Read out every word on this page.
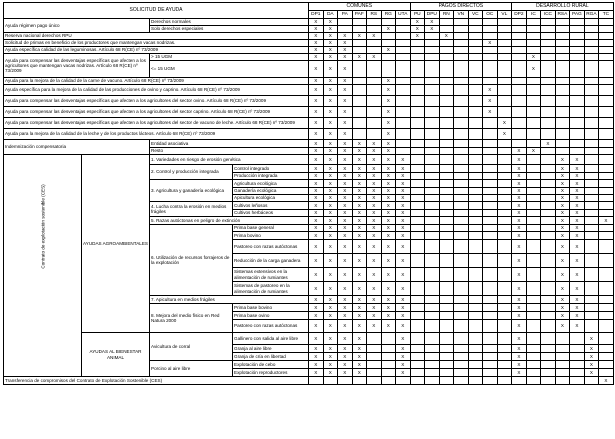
SOLICITUD DE AYUDA				COMUNES							PAGOS DIRECTOS							DESARROLLO RURAL						
				DP1	DA	PA	PAF	RS	RG	UTA	PU	DPU	RN	VN	VC	OC	VL	DP2	IC	ICC	RSA	PAG	RGA	TC
Ayuda régimen pago único		Derechos normales		X	X						X	X												
		Solo derechos especiales		X	X				X		X	X												
Reserva nacional derechos RPU				X	X	X	X	X			X		X											
Solicitud de primas en beneficio de los productores que mantengan vacas nodrizas.				X	X	X										X								
Ayuda específica calidad de las leguminosas. Artículo 68 R(CE) nº 73/2009				X	X	X			X															
Ayuda para compensar las desventajas específicas que afecten a los agricultores que mantengan vacas nodrizas. Artículo 68 R(CE) nº 73/2009		> 15 UGM		X	X	X	X	X											X					
		<= 15 UGM		X	X	X													X					
Ayuda para la mejora de la calidad de la carne de vacuno. Artículo 68 R(CE) nº 73/2009				X	X	X			X															
Ayuda específica para la mejora de la calidad de las producciones de ovino y caprino. Artículo 68 R(CE) nº 73/2009				X	X	X			X							X								
Ayuda para compensar las desventajas específicas que afecten a los agricultores del sector ovino. Artículo 68 R(CE) nº 73/2009				X	X	X			X							X								
Ayuda para compensar las desventajas específicas que afecten a los agricultores del sector caprino. Artículo 68 R(CE) nº 73/2009				X	X	X			X							X								
Ayuda para compensar las desventajas específicas que afecten a los agricultores del sector de vacuno de leche. Artículo 68 R(CE) nº 73/2009				X	X	X			X								X							
Ayuda para la mejora de la calidad de la leche y de los productos lácteos. Artículo 68 R(CE) nº 73/2009				X	X	X			X								X							
Indemnización compensatoria		Entidad asociativa		X	X	X	X	X	X											X				
		Resto		X	X	X	X	X	X									X	X					

Contrato de explotación sostenible (CES)	AYUDAS AGROAMBIENTALES	1. Variedades en riesgo de erosión genética		X	X	X	X	X	X	X								X			X	X		
		2. Control y producción integrada	Control integrado	X	X	X	X	X	X	X								X			X	X		
			Producción integrada	X	X	X	X	X	X	X								X			X	X		
		3. Agricultura y ganadería ecológica	Agricultura ecológica	X	X	X	X	X	X	X								X			X	X		
			Ganadería ecológica	X	X	X	X	X	X	X								X			X	X		
			Apicultura ecológica	X	X	X	X	X	X	X								X			X	X		
		4. Lucha contra la erosión en medios frágiles	Cultivos leñosos	X	X	X	X	X	X	X								X			X	X		
			Cultivos herbáceos	X	X	X	X	X	X	X								X			X	X		
		5. Razas autóctonas en peligro de extinción		X	X	X	X	X	X	X								X			X	X		X
		6. Utilización de recursos forrajeros de la explotación	Prima base general	X	X	X	X	X	X	X								X			X	X		
			Prima bovino	X	X	X	X	X	X	X								X			X	X		
			Pastoreo con razas autóctonas	X	X	X	X	X	X	X								X			X	X		
			Reducción de la carga ganadera	X	X	X	X	X	X	X								X			X	X		
			Sistemas extensivos en la alimentación de rumiantes	X	X	X	X	X	X	X								X			X	X		
			Sistemas de pastoreo en la alimentación de rumiantes	X	X	X	X	X	X	X								X			X	X		
		7. Apicultura en medios frágiles		X	X	X	X	X	X	X								X			X	X		
		8. Mejora del medio físico en Red Natura 2000	Prima base bovino	X	X	X	X	X	X	X								X			X	X		
			Prima base ovino	X	X	X	X	X	X	X								X			X	X		
			Pastoreo con razas autóctonas	X	X	X	X	X	X	X								X			X	X		
	AYUDAS AL BIENESTAR ANIMAL	Avicultura de corral	Gallinero con salida al aire libre	X	X	X	X			X								X					X	
			Granja al aire libre	X	X	X	X			X								X					X	
			Granja de cría en libertad	X	X	X	X			X								X					X	
		Porcino al aire libre	Explotación de cebo	X	X	X	X			X								X					X	
			Explotación reproductores	X	X	X	X			X								X					X	
Transferencia de compromisos del Contrato de Explotación Sostenible (CES)																								X
